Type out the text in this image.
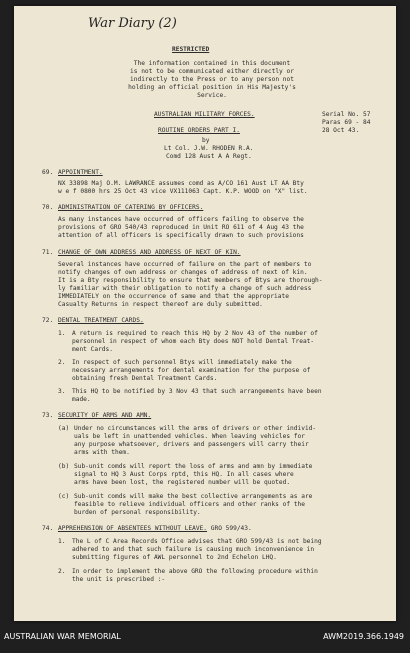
War Diary (2)
RESTRICTED
The information contained in this document
is not to be communicated either directly or
indirectly to the Press or to any person not
holding an official position in His Majesty's
Service.
AUSTRALIAN MILITARY FORCES.	Serial No. 57
Paras 69 - 84
ROUTINE ORDERS PART I.	28 Oct 43.
by
Lt Col. J.W. RHODEN R.A.
Comd 128 Aust A A Regt.
69. APPOINTMENT.
NX 33898 Maj O.M. LAWRANCE assumes comd as A/CO 161 Aust LT AA Bty
w e f 0800 hrs 25 Oct 43 vice VX111063 Capt. K.P. WOOD on "X" list.
70. ADMINISTRATION OF CATERING BY OFFICERS.
As many instances have occurred of officers failing to observe the
provisions of GRO 540/43 reproduced in Unit RO 611 of 4 Aug 43 the
attention of all officers is specifically drawn to such provisions
71. CHANGE OF OWN ADDRESS AND ADDRESS OF NEXT OF KIN.
Several instances have occurred of failure on the part of members to
notify changes of own address or changes of address of next of kin.
It is a Bty responsibility to ensure that members of Btys are thorough-
ly familiar with their obligation to notify a change of such address
IMMEDIATELY on the occurrence of same and that the appropriate
Casualty Returns in respect thereof are duly submitted.
72. DENTAL TREATMENT CARDS.
1. A return is required to reach this HQ by 2 Nov 43 of the number of
personnel in respect of whom each Bty does NOT hold Dental Treat-
ment Cards.
2. In respect of such personnel Btys will immediately make the
necessary arrangements for dental examination for the purpose of
obtaining fresh Dental Treatment Cards.
3. This HQ to be notified by 3 Nov 43 that such arrangements have been
made.
73. SECURITY OF ARMS AND AMN.
(a) Under no circumstances will the arms of drivers or other individ-
uals be left in unattended vehicles. When leaving vehicles for
any purpose whatsoever, drivers and passengers will carry their
arms with them.
(b) Sub-unit comds will report the loss of arms and amn by immediate
signal to HQ 3 Aust Corps rptd, this HQ. In all cases where
arms have been lost, the registered number will be quoted.
(c) Sub-unit comds will make the best collective arrangements as are
feasible to relieve individual officers and other ranks of the
burden of personal responsibility.
74. APPREHENSION OF ABSENTEES WITHOUT LEAVE. GRO 599/43.
1. The L of C Area Records Office advises that GRO 599/43 is not being
adhered to and that such failure is causing much inconvenience in
submitting figures of AWL personnel to 2nd Echelon LHQ.
2. In order to implement the above GRO the following procedure within
the unit is prescribed :-
AUSTRALIAN WAR MEMORIAL	AWM2019.366.1949
